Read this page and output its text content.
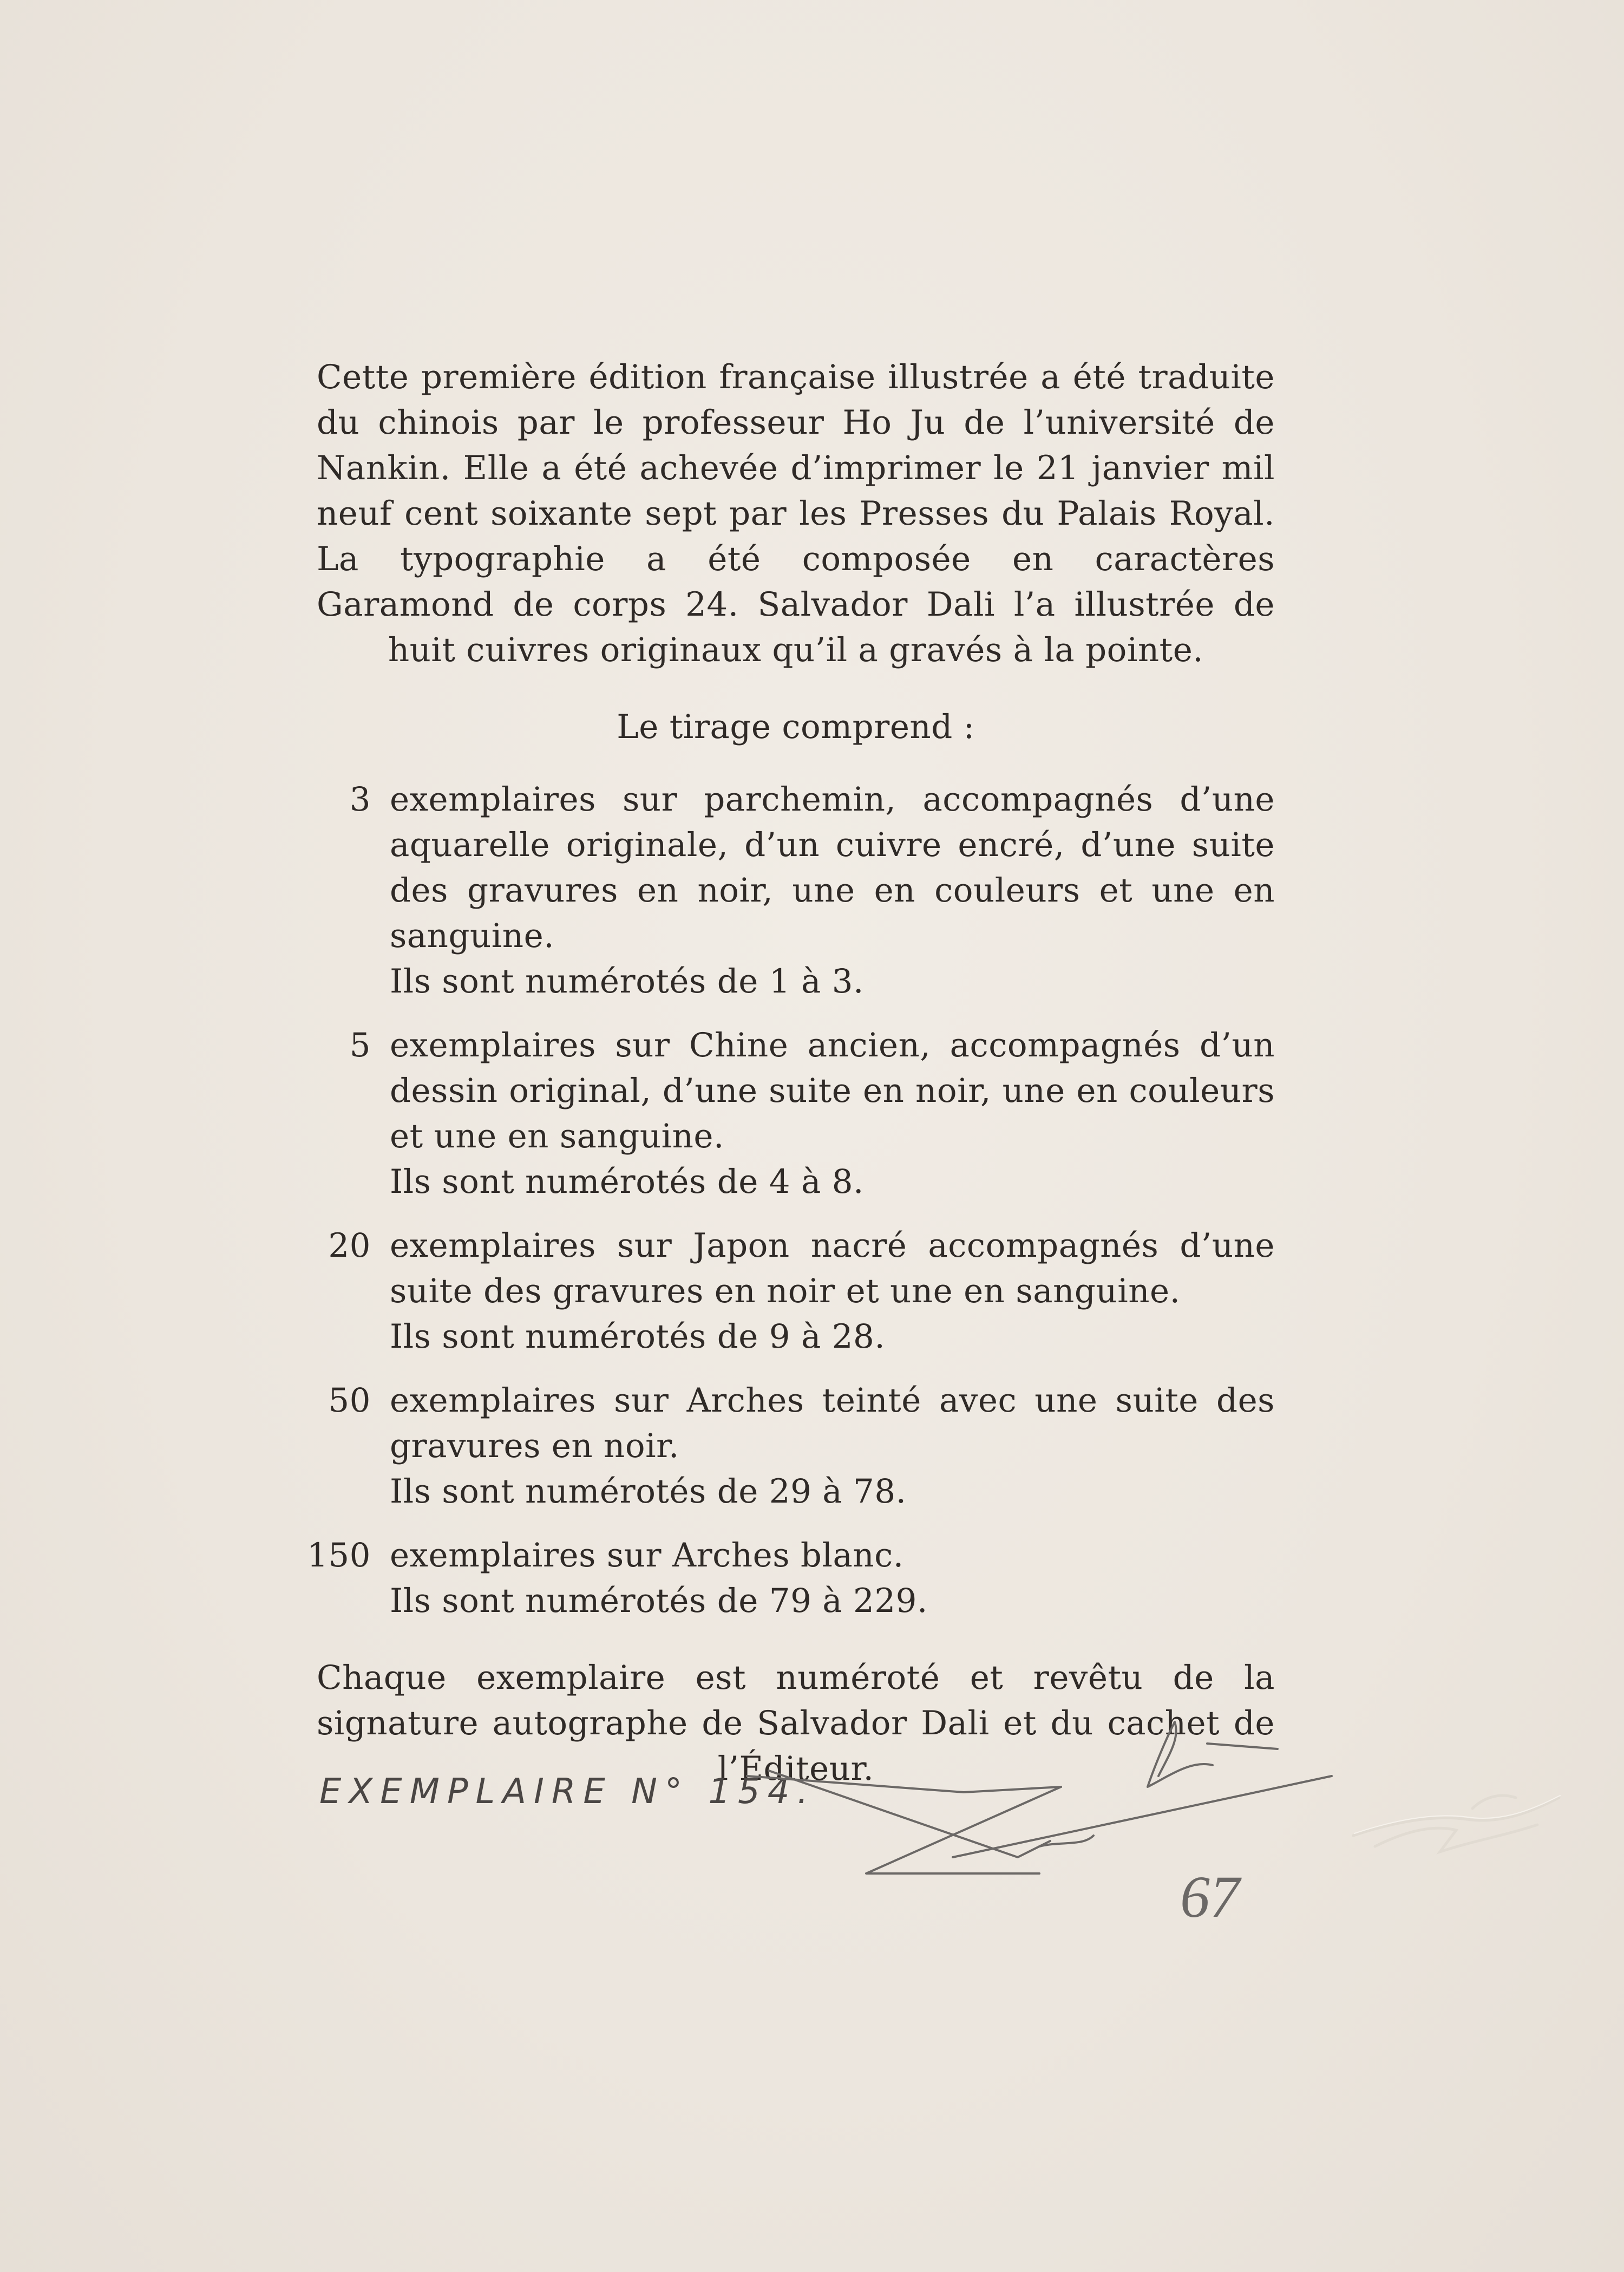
Cette première édition française illustrée a été traduite du chinois par le professeur Ho Ju de l’université de Nankin. Elle a été achevée d’imprimer le 21 janvier mil neuf cent soixante sept par les Presses du Palais Royal. La typographie a été composée en caractères Garamond de corps 24. Salvador Dali l’a illustrée de huit cuivres originaux qu’il a gravés à la pointe.

Le tirage comprend :
3 exemplaires sur parchemin, accompagnés d’une aquarelle originale, d’un cuivre encré, d’une suite des gravures en noir, une en couleurs et une en sanguine.

Ils sont numérotés de 1 à 3.

5 exemplaires sur Chine ancien, accompagnés d’un dessin original, d’une suite en noir, une en couleurs et une en sanguine.

Ils sont numérotés de 4 à 8.

20 exemplaires sur Japon nacré accompagnés d’une suite des gravures en noir et une en sanguine.

Ils sont numérotés de 9 à 28.

50 exemplaires sur Arches teinté avec une suite des gravures en noir.

Ils sont numérotés de 29 à 78.

150 exemplaires sur Arches blanc.

Ils sont numérotés de 79 à 229.

Chaque exemplaire est numéroté et revêtu de la signature autographe de Salvador Dali et du cachet de l’Éditeur.

EXEMPLAIRE N° 154.
67
